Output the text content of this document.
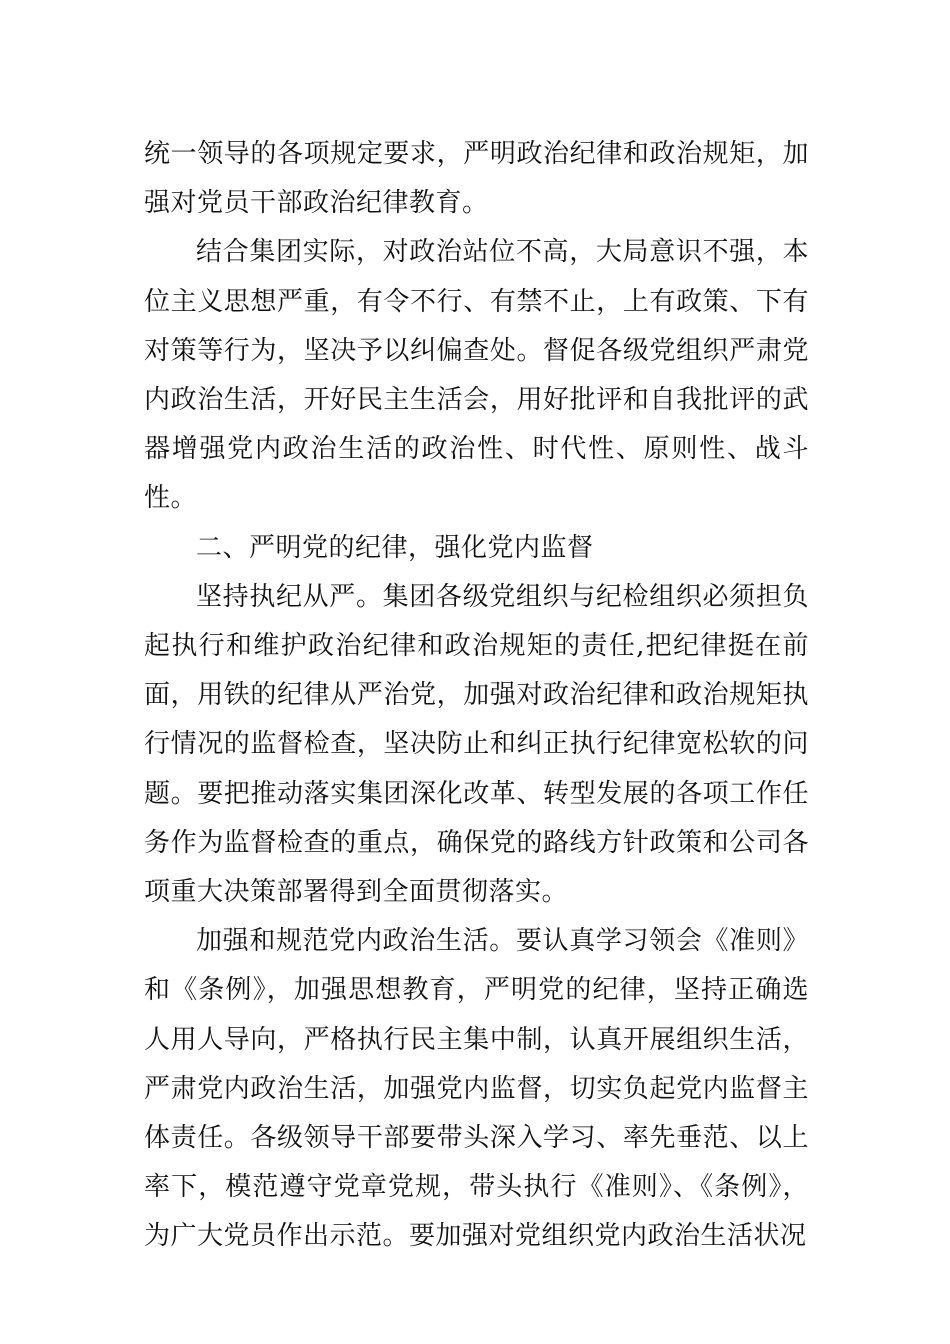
统一领导的各项规定要求，严明政治纪律和政治规矩，加强对党员干部政治纪律教育。

结合集团实际，对政治站位不高，大局意识不强，本位主义思想严重，有令不行、有禁不止，上有政策、下有对策等行为，坚决予以纠偏查处。督促各级党组织严肃党内政治生活，开好民主生活会，用好批评和自我批评的武器增强党内政治生活的政治性、时代性、原则性、战斗性。

二、严明党的纪律，强化党内监督

坚持执纪从严。集团各级党组织与纪检组织必须担负起执行和维护政治纪律和政治规矩的责任,把纪律挺在前面，用铁的纪律从严治党，加强对政治纪律和政治规矩执行情况的监督检查，坚决防止和纠正执行纪律宽松软的问题。要把推动落实集团深化改革、转型发展的各项工作任务作为监督检查的重点，确保党的路线方针政策和公司各项重大决策部署得到全面贯彻落实。

加强和规范党内政治生活。要认真学习领会《准则》和《条例》，加强思想教育，严明党的纪律，坚持正确选人用人导向，严格执行民主集中制，认真开展组织生活，严肃党内政治生活，加强党内监督，切实负起党内监督主体责任。各级领导干部要带头深入学习、率先垂范、以上率下，模范遵守党章党规，带头执行《准则》、《条例》，为广大党员作出示范。要加强对党组织党内政治生活状况
